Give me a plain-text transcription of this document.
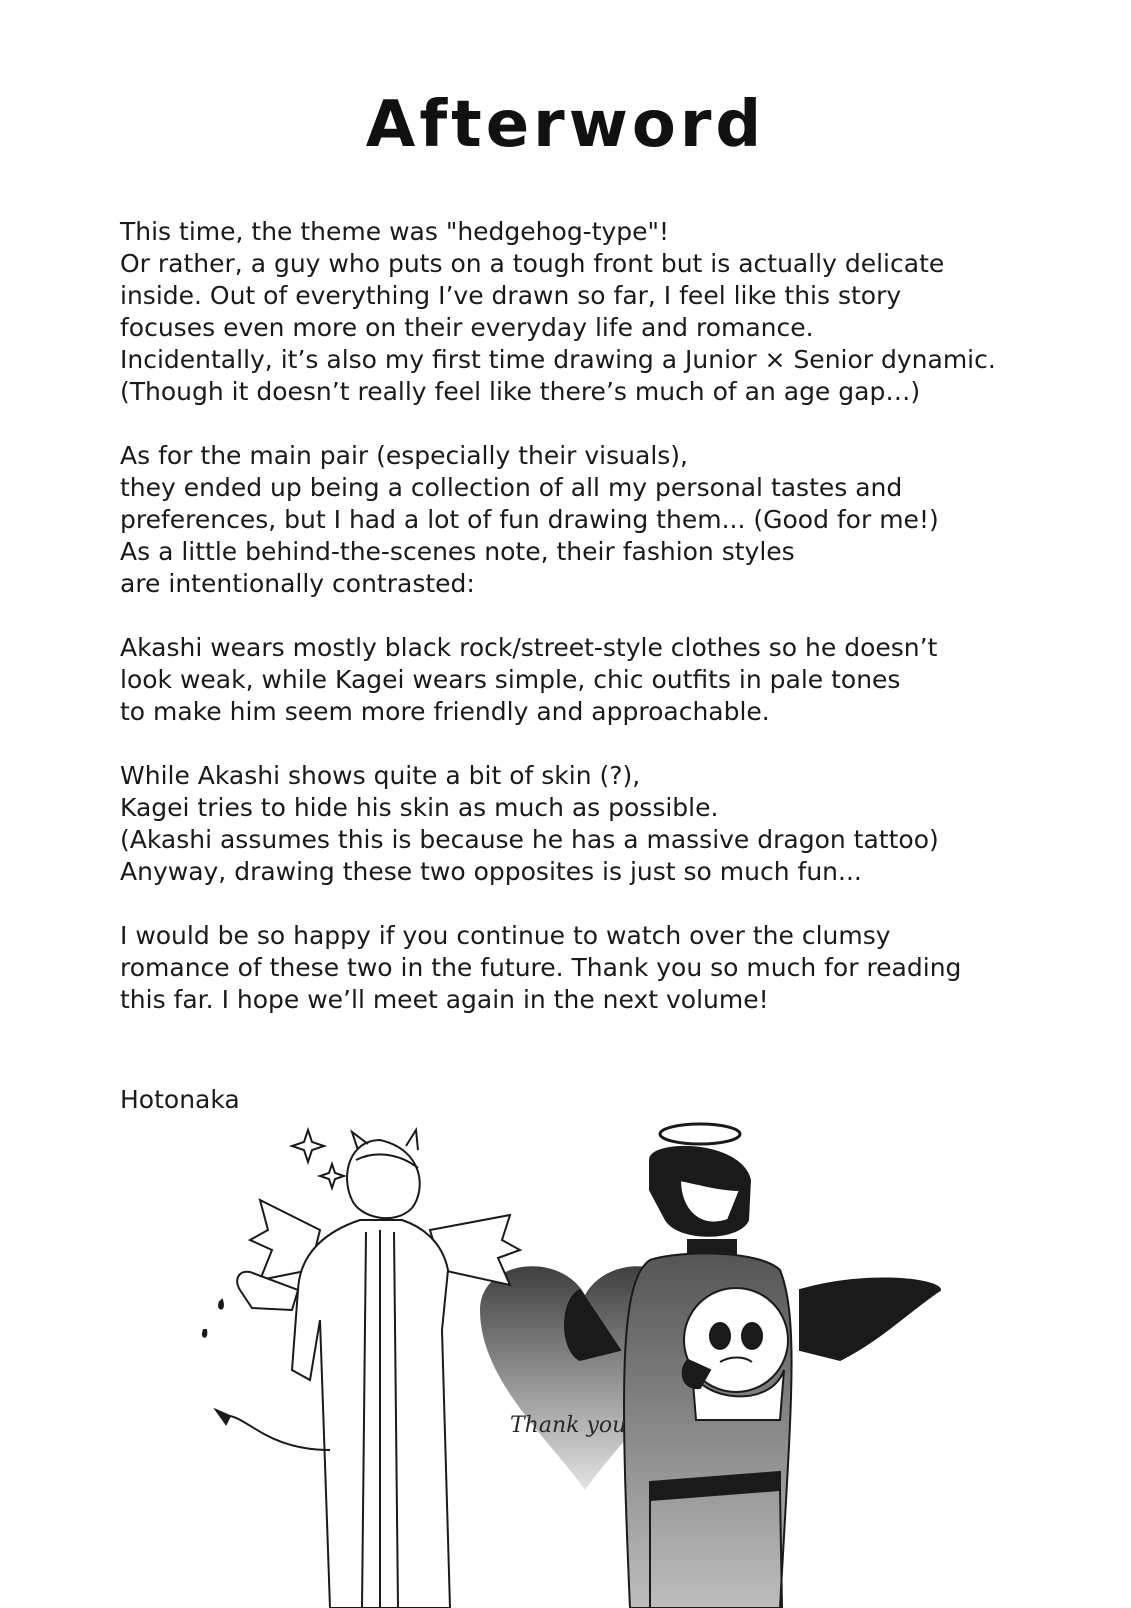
Afterword
This time, the theme was "hedgehog-type"!
Or rather, a guy who puts on a tough front but is actually delicate
inside. Out of everything I’ve drawn so far, I feel like this story
focuses even more on their everyday life and romance.
Incidentally, it’s also my first time drawing a Junior × Senior dynamic.
(Though it doesn’t really feel like there’s much of an age gap…)
As for the main pair (especially their visuals),
they ended up being a collection of all my personal tastes and
preferences, but I had a lot of fun drawing them... (Good for me!)
As a little behind-the-scenes note, their fashion styles
are intentionally contrasted:
Akashi wears mostly black rock/street-style clothes so he doesn’t
look weak, while Kagei wears simple, chic outfits in pale tones
to make him seem more friendly and approachable.
While Akashi shows quite a bit of skin (?),
Kagei tries to hide his skin as much as possible.
(Akashi assumes this is because he has a massive dragon tattoo)
Anyway, drawing these two opposites is just so much fun...
I would be so happy if you continue to watch over the clumsy
romance of these two in the future. Thank you so much for reading
this far. I hope we’ll meet again in the next volume!
Hotonaka
Thank you
